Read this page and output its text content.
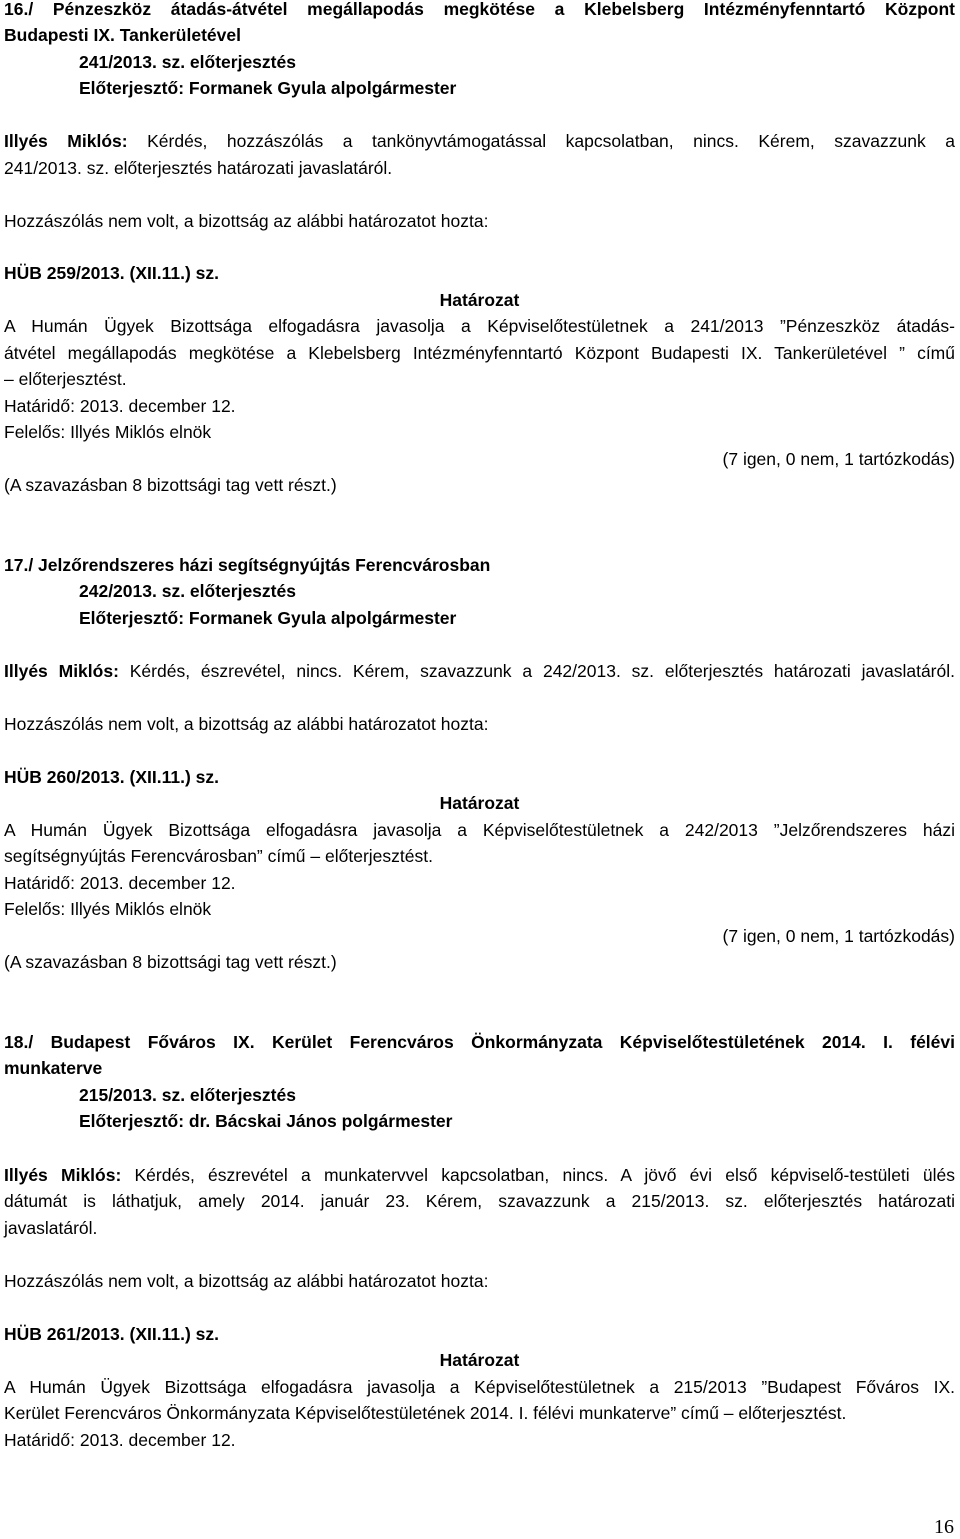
16./ Pénzeszköz átadás-átvétel megállapodás megkötése a Klebelsberg Intézményfenntartó Központ
Budapesti IX. Tankerületével
241/2013. sz. előterjesztés
Előterjesztő: Formanek Gyula alpolgármester
Illyés Miklós: Kérdés, hozzászólás a tankönyvtámogatással kapcsolatban, nincs. Kérem, szavazzunk a
241/2013. sz. előterjesztés határozati javaslatáról.
Hozzászólás nem volt, a bizottság az alábbi határozatot hozta:
HÜB 259/2013. (XII.11.) sz.
Határozat
A Humán Ügyek Bizottsága elfogadásra javasolja a Képviselőtestületnek a 241/2013 ”Pénzeszköz átadás-
átvétel megállapodás megkötése a Klebelsberg Intézményfenntartó Központ Budapesti IX. Tankerületével ” című
– előterjesztést.
Határidő: 2013. december 12.
Felelős: Illyés Miklós elnök
(7 igen, 0 nem, 1 tartózkodás)
(A szavazásban 8 bizottsági tag vett részt.)
17./ Jelzőrendszeres házi segítségnyújtás Ferencvárosban
242/2013. sz. előterjesztés
Előterjesztő: Formanek Gyula alpolgármester
Illyés Miklós: Kérdés, észrevétel, nincs. Kérem, szavazzunk a 242/2013. sz. előterjesztés határozati javaslatáról.
Hozzászólás nem volt, a bizottság az alábbi határozatot hozta:
HÜB 260/2013. (XII.11.) sz.
Határozat
A Humán Ügyek Bizottsága elfogadásra javasolja a Képviselőtestületnek a 242/2013 ”Jelzőrendszeres házi
segítségnyújtás Ferencvárosban” című – előterjesztést.
Határidő: 2013. december 12.
Felelős: Illyés Miklós elnök
(7 igen, 0 nem, 1 tartózkodás)
(A szavazásban 8 bizottsági tag vett részt.)
18./ Budapest Főváros IX. Kerület Ferencváros Önkormányzata Képviselőtestületének 2014. I. félévi
munkaterve
215/2013. sz. előterjesztés
Előterjesztő: dr. Bácskai János polgármester
Illyés Miklós: Kérdés, észrevétel a munkatervvel kapcsolatban, nincs. A jövő évi első képviselő-testületi ülés
dátumát is láthatjuk, amely 2014. január 23. Kérem, szavazzunk a 215/2013. sz. előterjesztés határozati
javaslatáról.
Hozzászólás nem volt, a bizottság az alábbi határozatot hozta:
HÜB 261/2013. (XII.11.) sz.
Határozat
A Humán Ügyek Bizottsága elfogadásra javasolja a Képviselőtestületnek a 215/2013 ”Budapest Főváros IX.
Kerület Ferencváros Önkormányzata Képviselőtestületének 2014. I. félévi munkaterve” című – előterjesztést.
Határidő: 2013. december 12.
16
